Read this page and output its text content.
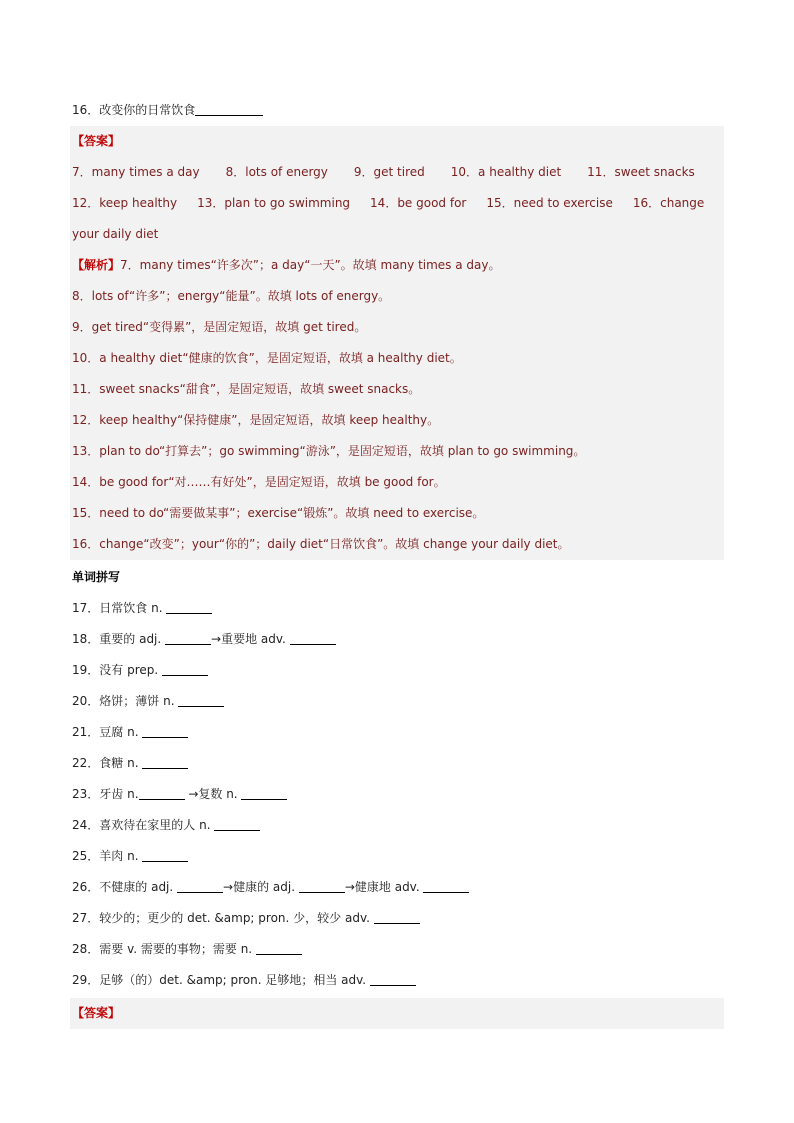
16．改变你的日常饮食
【答案】
7．many times a day 8．lots of energy 9．get tired 10．a healthy diet 11．sweet snacks
12．keep healthy 13．plan to go swimming 14．be good for 15．need to exercise 16．change
your daily diet
【解析】7．many times“许多次”；a day“一天”。故填 many times a day。
8．lots of“许多”；energy“能量”。故填 lots of energy。
9．get tired“变得累”，是固定短语，故填 get tired。
10．a healthy diet“健康的饮食”，是固定短语，故填 a healthy diet。
11．sweet snacks“甜食”，是固定短语，故填 sweet snacks。
12．keep healthy“保持健康”，是固定短语，故填 keep healthy。
13．plan to do“打算去”；go swimming“游泳”，是固定短语，故填 plan to go swimming。
14．be good for“对……有好处”，是固定短语，故填 be good for。
15．need to do“需要做某事”；exercise“锻炼”。故填 need to exercise。
16．change“改变”；your“你的”；daily diet“日常饮食”。故填 change your daily diet。
单词拼写
17．日常饮食 n.
18．重要的 adj.	→重要地 adv.
19．没有 prep.
20．烙饼；薄饼 n.
21．豆腐 n.
22．食糖 n.
23．牙齿 n.	→复数 n.
24．喜欢待在家里的人 n.
25．羊肉 n.
26．不健康的 adj.	→健康的 adj.	→健康地 adv.
27．较少的；更少的 det. &amp; pron. 少，较少 adv.
28．需要 v. 需要的事物；需要 n.
29．足够（的）det. &amp; pron. 足够地；相当 adv.
【答案】
